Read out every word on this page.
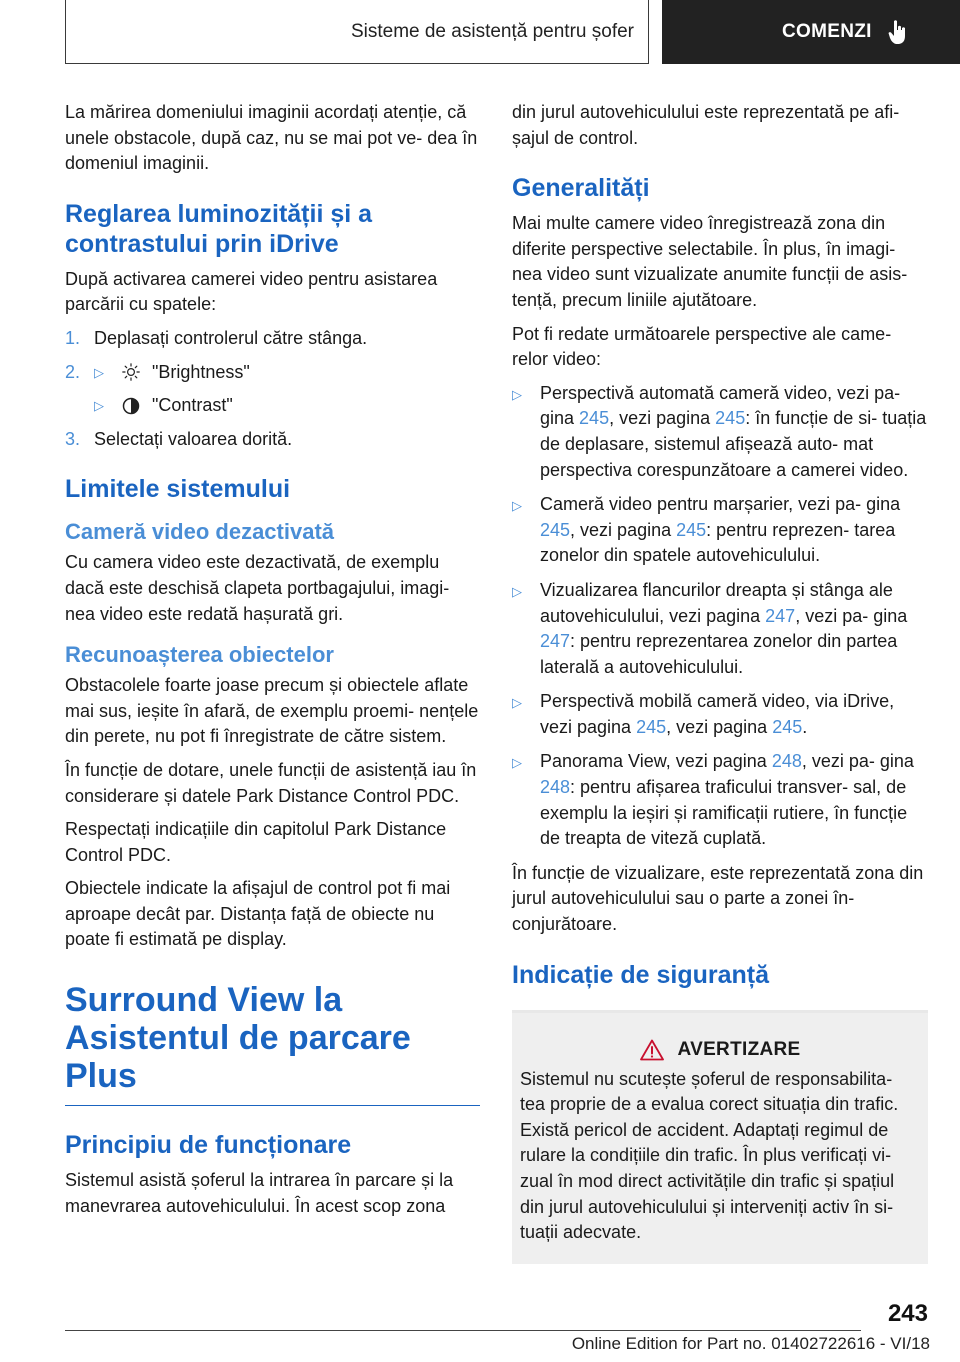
Sisteme de asistență pentru șofer	COMENZI

La mărirea domeniului imaginii acordați atenție, că unele obstacole, după caz, nu se mai pot ve- dea în domeniul imaginii.

Reglarea luminozității și a contrastului prin iDrive

După activarea camerei video pentru asistarea parcării cu spatele:

1. Deplasați controlerul către stânga.
2.	▷	"Brightness"
▷	"Contrast"
3. Selectați valoarea dorită.
Limitele sistemului
Cameră video dezactivată

Cu camera video este dezactivată, de exemplu dacă este deschisă clapeta portbagajului, imagi- nea video este redată hașurată gri.

Recunoașterea obiectelor

Obstacolele foarte joase precum și obiectele aflate mai sus, ieșite în afară, de exemplu proemi- nențele din perete, nu pot fi înregistrate de către sistem.

În funcție de dotare, unele funcții de asistență iau în considerare și datele Park Distance Control PDC.

Respectați indicațiile din capitolul Park Distance Control PDC.

Obiectele indicate la afișajul de control pot fi mai aproape decât par. Distanța față de obiecte nu poate fi estimată pe display.

Surround View la Asistentul de parcare Plus
Principiu de funcționare

Sistemul asistă șoferul la intrarea în parcare și la manevrarea autovehiculului. În acest scop zona

din jurul autovehiculului este reprezentată pe afi- șajul de control.

Generalități

Mai multe camere video înregistrează zona din diferite perspective selectabile. În plus, în imagi- nea video sunt vizualizate anumite funcții de asis- tență, precum liniile ajutătoare.

Pot fi redate următoarele perspective ale came- relor video:

▷	Perspectivă automată cameră video, vezi pa- gina 245, vezi pagina 245: în funcție de si- tuația de deplasare, sistemul afișează auto- mat perspectiva corespunzătoare a camerei video.
▷	Cameră video pentru marșarier, vezi pa- gina 245, vezi pagina 245: pentru reprezen- tarea zonelor din spatele autovehiculului.
▷	Vizualizarea flancurilor dreapta și stânga ale autovehiculului, vezi pagina 247, vezi pa- gina 247: pentru reprezentarea zonelor din partea laterală a autovehiculului.
▷	Perspectivă mobilă cameră video, via iDrive, vezi pagina 245, vezi pagina 245.
▷	Panorama View, vezi pagina 248, vezi pa- gina 248: pentru afișarea traficului transver- sal, de exemplu la ieșiri și ramificații rutiere, în funcție de treapta de viteză cuplată.

În funcție de vizualizare, este reprezentată zona din jurul autovehiculului sau o parte a zonei în- conjurătoare.

Indicație de siguranță
AVERTIZARE

Sistemul nu scutește șoferul de responsabilita- tea proprie de a evalua corect situația din trafic. Există pericol de accident. Adaptați regimul de rulare la condițiile din trafic. În plus verificați vi- zual în mod direct activitățile din trafic și spațiul din jurul autovehiculului și interveniți activ în si- tuații adecvate.

243
Online Edition for Part no. 01402722616 - VI/18
